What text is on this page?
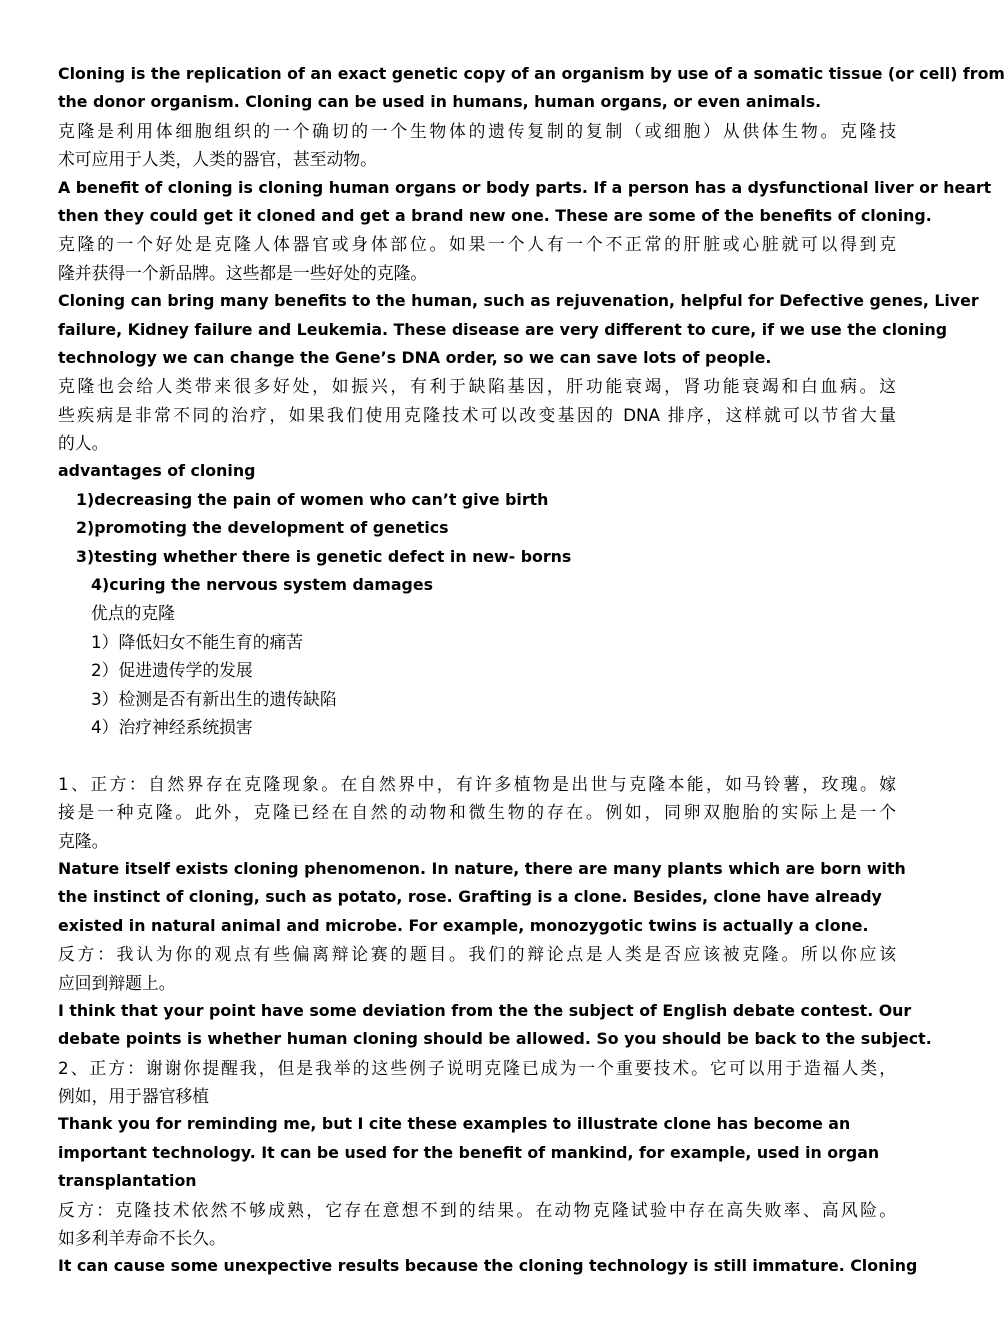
Cloning is the replication of an exact genetic copy of an organism by use of a somatic tissue (or cell) from
the donor organism. Cloning can be used in humans, human organs, or even animals.
克隆是利用体细胞组织的一个确切的一个生物体的遗传复制的复制（或细胞）从供体生物。克隆技
术可应用于人类，人类的器官，甚至动物。
A benefit of cloning is cloning human organs or body parts. If a person has a dysfunctional liver or heart
then they could get it cloned and get a brand new one. These are some of the benefits of cloning.
克隆的一个好处是克隆人体器官或身体部位。如果一个人有一个不正常的肝脏或心脏就可以得到克
隆并获得一个新品牌。这些都是一些好处的克隆。
Cloning can bring many benefits to the human, such as rejuvenation, helpful for Defective genes, Liver
failure, Kidney failure and Leukemia. These disease are very different to cure, if we use the cloning
technology we can change the Gene’s DNA order, so we can save lots of people.
克隆也会给人类带来很多好处，如振兴，有利于缺陷基因，肝功能衰竭，肾功能衰竭和白血病。这
些疾病是非常不同的治疗，如果我们使用克隆技术可以改变基因的 DNA 排序，这样就可以节省大量
的人。
advantages of cloning
1)decreasing the pain of women who can’t give birth
2)promoting the development of genetics
3)testing whether there is genetic defect in new- borns
4)curing the nervous system damages
优点的克隆
1）降低妇女不能生育的痛苦
2）促进遗传学的发展
3）检测是否有新出生的遗传缺陷
4）治疗神经系统损害
1、正方：自然界存在克隆现象。在自然界中，有许多植物是出世与克隆本能，如马铃薯，玫瑰。嫁
接是一种克隆。此外，克隆已经在自然的动物和微生物的存在。例如，同卵双胞胎的实际上是一个
克隆。
Nature itself exists cloning phenomenon. In nature, there are many plants which are born with
the instinct of cloning, such as potato, rose. Grafting is a clone. Besides, clone have already
existed in natural animal and microbe. For example, monozygotic twins is actually a clone.
反方：我认为你的观点有些偏离辩论赛的题目。我们的辩论点是人类是否应该被克隆。所以你应该
应回到辩题上。
I think that your point have some deviation from the the subject of English debate contest. Our
debate points is whether human cloning should be allowed. So you should be back to the subject.
2、正方：谢谢你提醒我，但是我举的这些例子说明克隆已成为一个重要技术。它可以用于造福人类，
例如，用于器官移植
Thank you for reminding me, but I cite these examples to illustrate clone has become an
important technology. It can be used for the benefit of mankind, for example, used in organ
transplantation
反方：克隆技术依然不够成熟，它存在意想不到的结果。在动物克隆试验中存在高失败率、高风险。
如多利羊寿命不长久。
It can cause some unexpective results because the cloning technology is still immature. Cloning
